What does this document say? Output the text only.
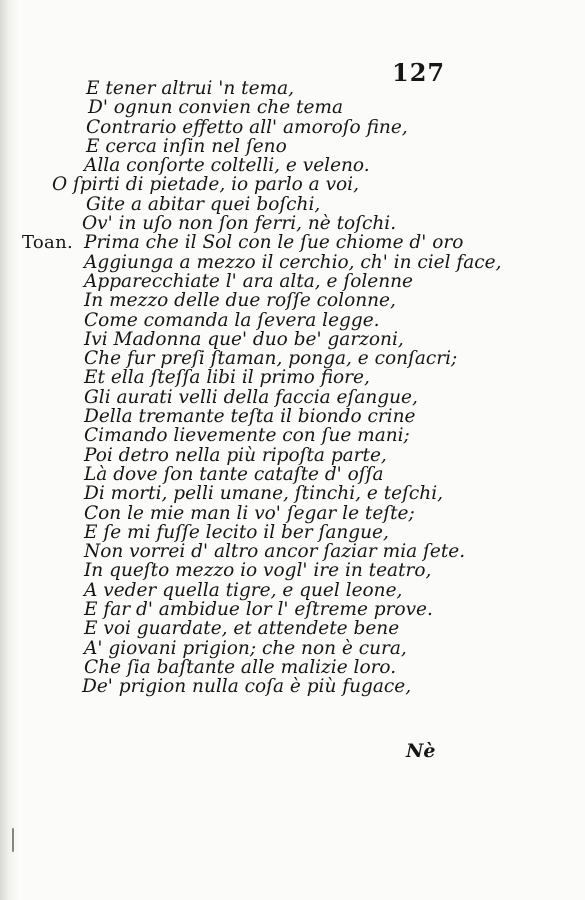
127
E tener altrui 'n tema,
D' ognun convien che tema
Contrario effetto all' amoroſo fine,
E cerca inſin nel ſeno
Alla conſorte coltelli, e veleno.
O ſpirti di pietade, io parlo a voi,
Gite a abitar quei boſchi,
Ov' in uſo non ſon ferri, nè toſchi.
Toan. Prima che il Sol con le ſue chiome d' oro
Aggiunga a mezzo il cerchio, ch' in ciel face,
Apparecchiate l' ara alta, e ſolenne
In mezzo delle due roſſe colonne,
Come comanda la ſevera legge.
Ivi Madonna que' duo be' garzoni,
Che fur preſi ſtaman, ponga, e conſacri;
Et ella ſteſſa libi il primo fiore,
Gli aurati velli della faccia eſangue,
Della tremante teſta il biondo crine
Cimando lievemente con ſue mani;
Poi detro nella più ripoſta parte,
Là dove ſon tante cataſte d' oſſa
Di morti, pelli umane, ſtinchi, e teſchi,
Con le mie man li vo' ſegar le teſte;
E ſe mi fuſſe lecito il ber ſangue,
Non vorrei d' altro ancor ſaziar mia ſete.
In queſto mezzo io vogl' ire in teatro,
A veder quella tigre, e quel leone,
E far d' ambidue lor l' eſtreme prove.
E voi guardate, et attendete bene
A' giovani prigion; che non è cura,
Che ſia baſtante alle malizie loro.
De' prigion nulla coſa è più fugace,
Nè
